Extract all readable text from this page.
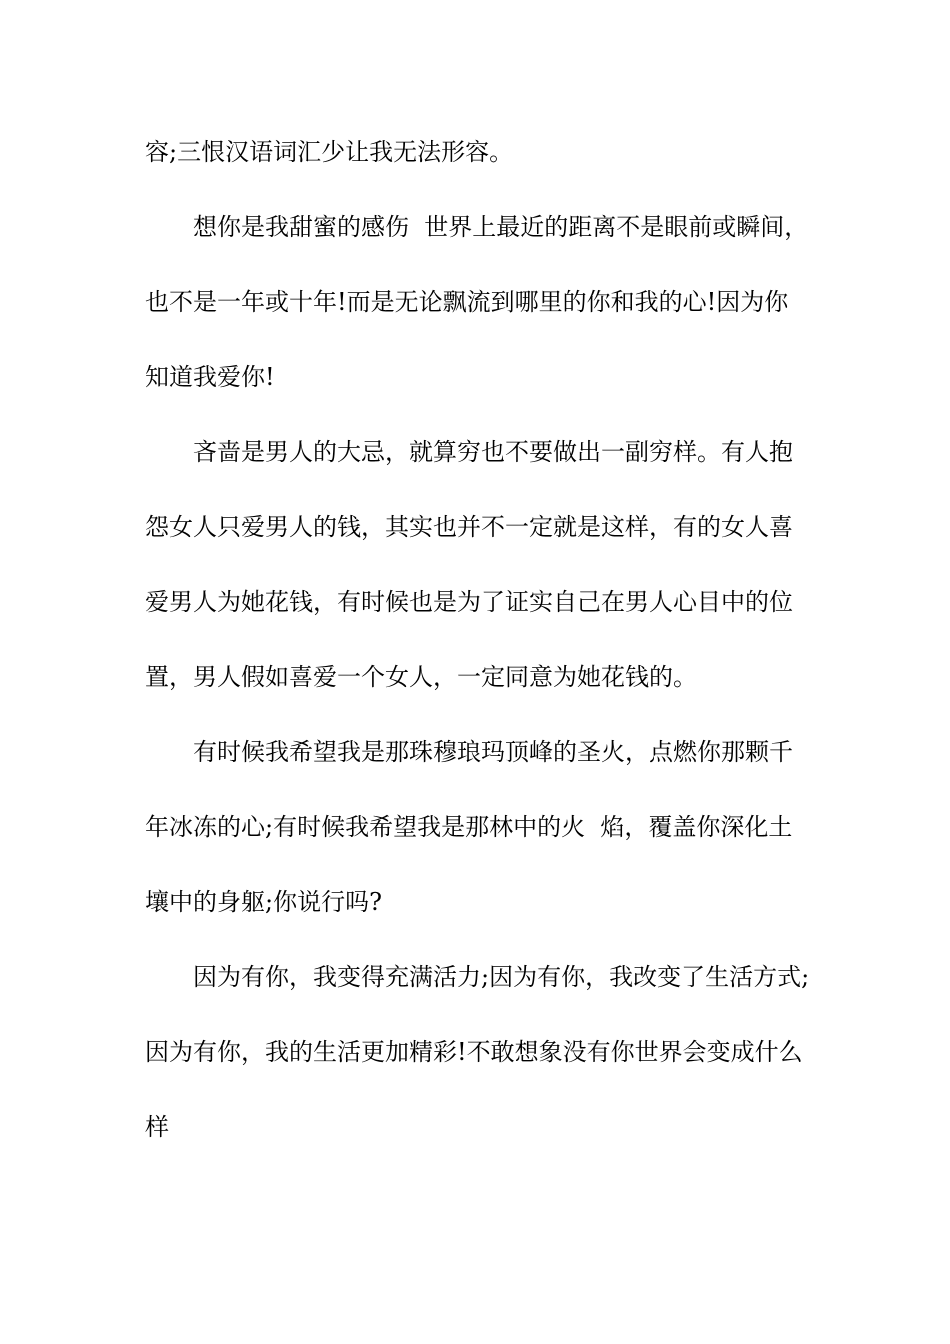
容;三恨汉语词汇少让我无法形容。
想你是我甜蜜的感伤  世界上最近的距离不是眼前或瞬间，
也不是一年或十年!而是无论飘流到哪里的你和我的心!因为你
知道我爱你!
吝啬是男人的大忌，就算穷也不要做出一副穷样。有人抱
怨女人只爱男人的钱，其实也并不一定就是这样，有的女人喜
爱男人为她花钱，有时候也是为了证实自己在男人心目中的位
置，男人假如喜爱一个女人，一定同意为她花钱的。
有时候我希望我是那珠穆琅玛顶峰的圣火，点燃你那颗千
年冰冻的心;有时候我希望我是那林中的火  焰，覆盖你深化土
壤中的身躯;你说行吗?
因为有你，我变得充满活力;因为有你，我改变了生活方式;
因为有你，我的生活更加精彩!不敢想象没有你世界会变成什么
样
